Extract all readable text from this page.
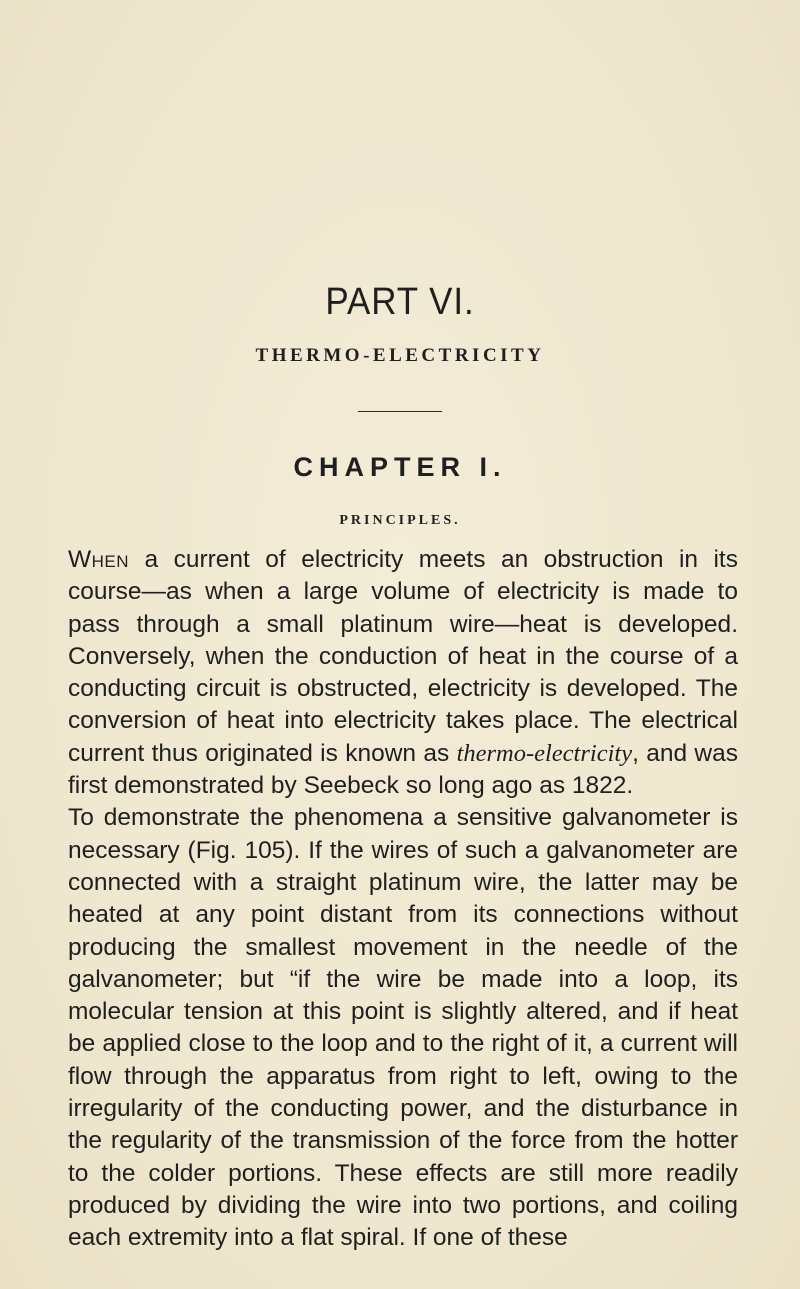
PART VI.
THERMO-ELECTRICITY
CHAPTER I.
PRINCIPLES.

When a current of electricity meets an obstruction in its course—as when a large volume of electricity is made to pass through a small platinum wire—heat is developed. Conversely, when the conduction of heat in the course of a conducting circuit is obstructed, electricity is developed. The conversion of heat into electricity takes place. The electrical current thus originated is known as thermo-electricity, and was first demonstrated by Seebeck so long ago as 1822.

To demonstrate the phenomena a sensitive galvanometer is necessary (Fig. 105). If the wires of such a galvanometer are connected with a straight platinum wire, the latter may be heated at any point distant from its connections without producing the smallest movement in the needle of the galvanometer; but “if the wire be made into a loop, its molecular tension at this point is slightly altered, and if heat be applied close to the loop and to the right of it, a current will flow through the apparatus from right to left, owing to the irregularity of the conducting power, and the disturbance in the regularity of the transmission of the force from the hotter to the colder portions. These effects are still more readily produced by dividing the wire into two portions, and coiling each extremity into a flat spiral. If one of these
